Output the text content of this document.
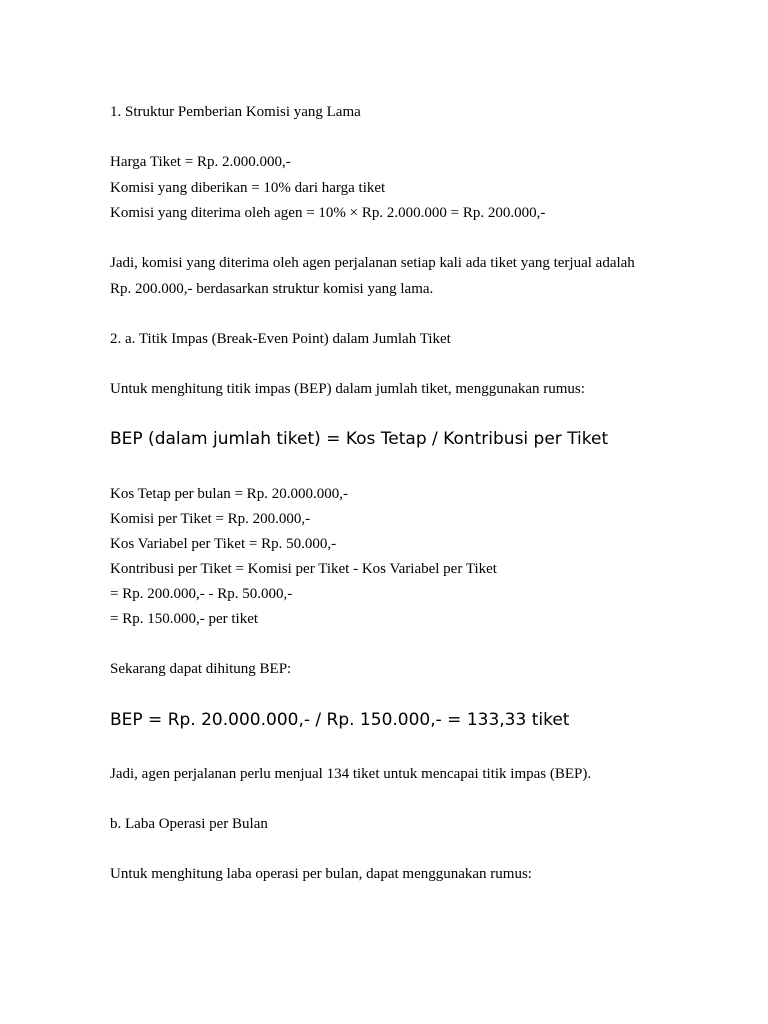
1. Struktur Pemberian Komisi yang Lama
Harga Tiket = Rp. 2.000.000,-
Komisi yang diberikan = 10% dari harga tiket
Komisi yang diterima oleh agen = 10% × Rp. 2.000.000 = Rp. 200.000,-
Jadi, komisi yang diterima oleh agen perjalanan setiap kali ada tiket yang terjual adalah
Rp. 200.000,- berdasarkan struktur komisi yang lama.
2. a. Titik Impas (Break-Even Point) dalam Jumlah Tiket
Untuk menghitung titik impas (BEP) dalam jumlah tiket, menggunakan rumus:
BEP (dalam jumlah tiket) = Kos Tetap / Kontribusi per Tiket
Kos Tetap per bulan = Rp. 20.000.000,-
Komisi per Tiket = Rp. 200.000,-
Kos Variabel per Tiket = Rp. 50.000,-
Kontribusi per Tiket = Komisi per Tiket - Kos Variabel per Tiket
= Rp. 200.000,- - Rp. 50.000,-
= Rp. 150.000,- per tiket
Sekarang dapat dihitung BEP:
BEP = Rp. 20.000.000,- / Rp. 150.000,- = 133,33 tiket
Jadi, agen perjalanan perlu menjual 134 tiket untuk mencapai titik impas (BEP).
b. Laba Operasi per Bulan
Untuk menghitung laba operasi per bulan, dapat menggunakan rumus:
